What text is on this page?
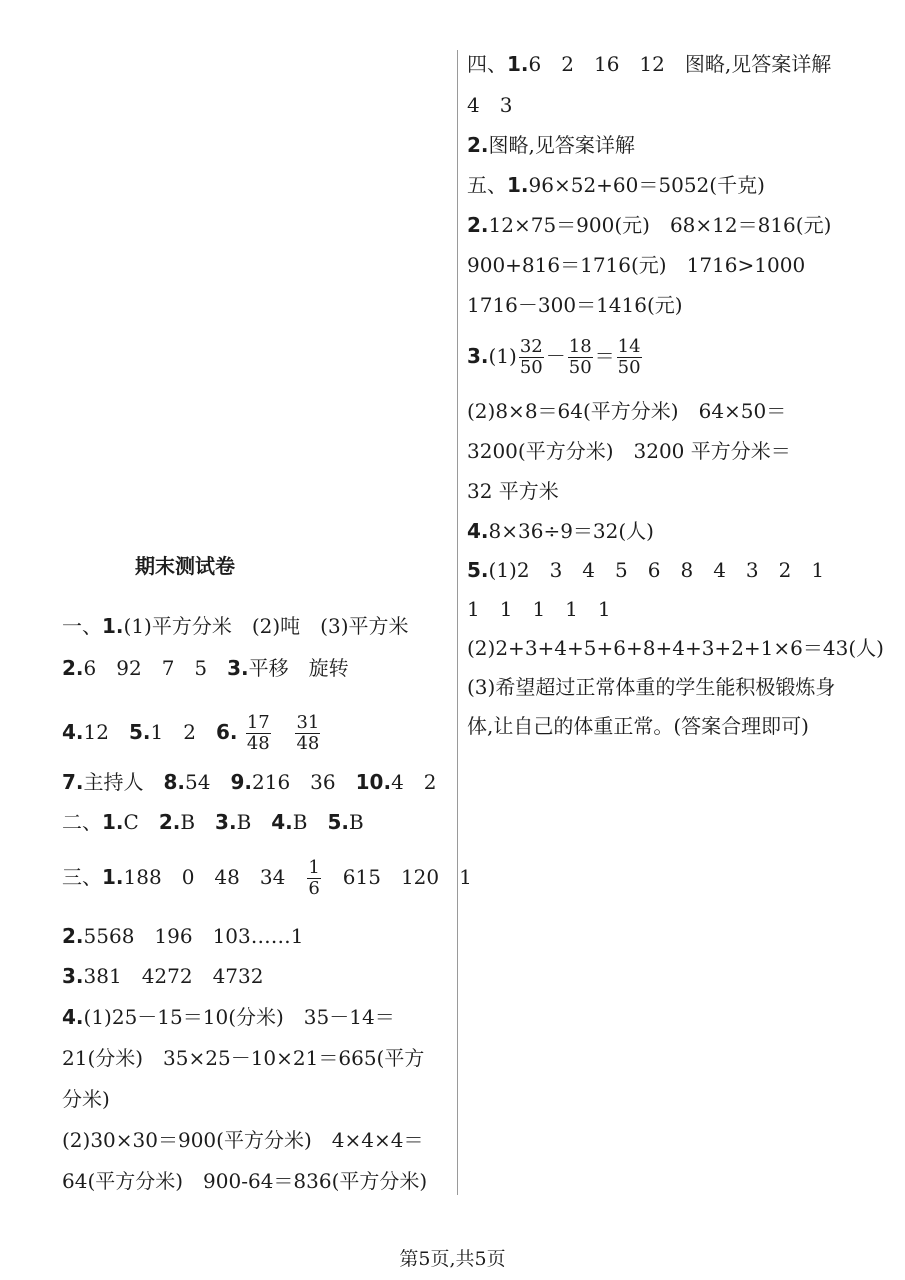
期末测试卷
一、1.(1)平方分米　(2)吨　(3)平方米
2.6　92　7　5　3.平移　旋转
4.12　5.1　2　6. $\frac{17}{48}$
$\frac{31}{48}$
7.主持人　8.54　9.216　36　10.4　2
二、1.C　2.B　3.B　4.B　5.B
三、1.188　0　48　34　 $\frac{1}{6}$ 　615　120　1
2.5568　196　103……1
3.381　4272　4732
4.(1)25－15＝10(分米)　35－14＝
21(分米)　35×25－10×21＝665(平方
分米)
(2)30×30＝900(平方分米)　4×4×4＝
64(平方分米)　900-64＝836(平方分米)
四、1.6　2　16　12　图略,见答案详解
4　3
2.图略,见答案详解
五、1.96×52+60＝5052(千克)
2.12×75＝900(元)　68×12＝816(元)
900+816＝1716(元)　1716>1000
1716－300＝1416(元)
$3.(1) \frac{32}{50} - \frac{18}{50} = \frac{14}{50}$
(2)8×8＝64(平方分米)　64×50＝
3200(平方分米)　3200 平方分米＝
32 平方米
4.8×36÷9＝32(人)
5.(1)2　3　4　5　6　8　4　3　2　1
1　1　1　1　1
(2)2+3+4+5+6+8+4+3+2+1×6＝43(人)
(3)希望超过正常体重的学生能积极锻炼身
体,让自己的体重正常。(答案合理即可)
第5页,共5页
